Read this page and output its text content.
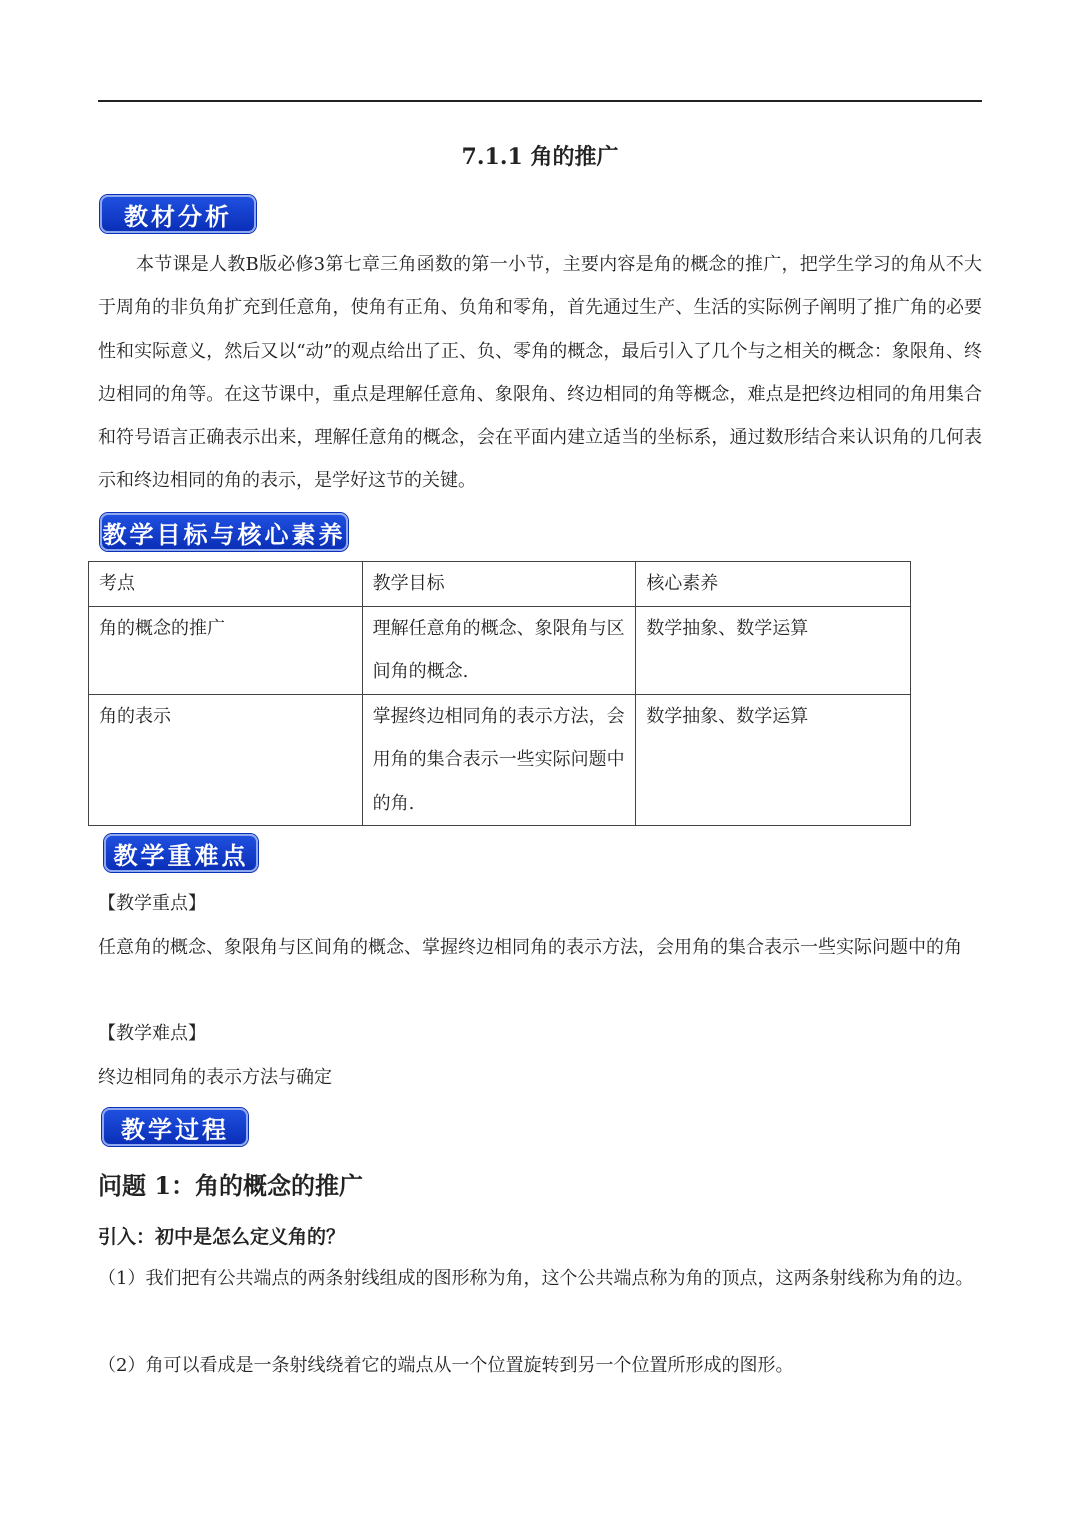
7.1.1 角的推广
教材分析
本节课是人教B版必修3第七章三角函数的第一小节，主要内容是角的概念的推广，把学生学习的角从不大于周角的非负角扩充到任意角，使角有正角、负角和零角，首先通过生产、生活的实际例子阐明了推广角的必要性和实际意义，然后又以“动”的观点给出了正、负、零角的概念，最后引入了几个与之相关的概念：象限角、终边相同的角等。在这节课中，重点是理解任意角、象限角、终边相同的角等概念，难点是把终边相同的角用集合和符号语言正确表示出来，理解任意角的概念，会在平面内建立适当的坐标系，通过数形结合来认识角的几何表示和终边相同的角的表示，是学好这节的关键。
教学目标与核心素养
考点	教学目标	核心素养
角的概念的推广	理解任意角的概念、象限角与区间角的概念.	数学抽象、数学运算
角的表示	掌握终边相同角的表示方法，会用角的集合表示一些实际问题中的角.	数学抽象、数学运算
教学重难点
【教学重点】
任意角的概念、象限角与区间角的概念、掌握终边相同角的表示方法，会用角的集合表示一些实际问题中的角
【教学难点】
终边相同角的表示方法与确定
教学过程
问题 1：角的概念的推广
引入：初中是怎么定义角的？
（1）我们把有公共端点的两条射线组成的图形称为角，这个公共端点称为角的顶点，这两条射线称为角的边。
（2）角可以看成是一条射线绕着它的端点从一个位置旋转到另一个位置所形成的图形。
